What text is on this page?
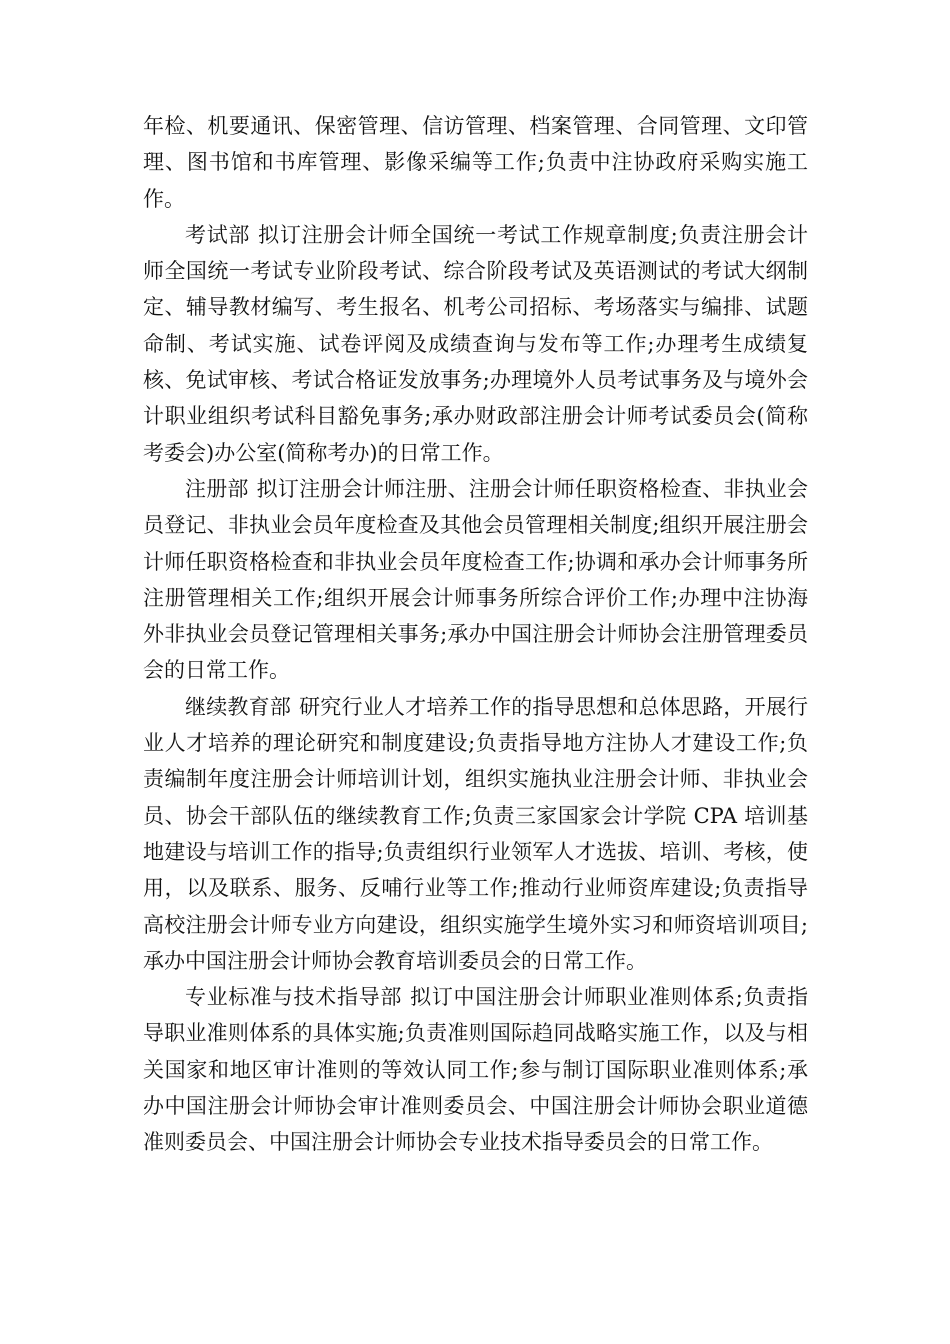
年检、机要通讯、保密管理、信访管理、档案管理、合同管理、文印管理、图书馆和书库管理、影像采编等工作;负责中注协政府采购实施工作。

考试部 拟订注册会计师全国统一考试工作规章制度;负责注册会计师全国统一考试专业阶段考试、综合阶段考试及英语测试的考试大纲制定、辅导教材编写、考生报名、机考公司招标、考场落实与编排、试题命制、考试实施、试卷评阅及成绩查询与发布等工作;办理考生成绩复核、免试审核、考试合格证发放事务;办理境外人员考试事务及与境外会计职业组织考试科目豁免事务;承办财政部注册会计师考试委员会(简称考委会)办公室(简称考办)的日常工作。

注册部 拟订注册会计师注册、注册会计师任职资格检查、非执业会员登记、非执业会员年度检查及其他会员管理相关制度;组织开展注册会计师任职资格检查和非执业会员年度检查工作;协调和承办会计师事务所注册管理相关工作;组织开展会计师事务所综合评价工作;办理中注协海外非执业会员登记管理相关事务;承办中国注册会计师协会注册管理委员会的日常工作。

继续教育部 研究行业人才培养工作的指导思想和总体思路，开展行业人才培养的理论研究和制度建设;负责指导地方注协人才建设工作;负责编制年度注册会计师培训计划，组织实施执业注册会计师、非执业会员、协会干部队伍的继续教育工作;负责三家国家会计学院 CPA 培训基地建设与培训工作的指导;负责组织行业领军人才选拔、培训、考核，使用，以及联系、服务、反哺行业等工作;推动行业师资库建设;负责指导高校注册会计师专业方向建设，组织实施学生境外实习和师资培训项目;承办中国注册会计师协会教育培训委员会的日常工作。

专业标准与技术指导部 拟订中国注册会计师职业准则体系;负责指导职业准则体系的具体实施;负责准则国际趋同战略实施工作，以及与相关国家和地区审计准则的等效认同工作;参与制订国际职业准则体系;承办中国注册会计师协会审计准则委员会、中国注册会计师协会职业道德准则委员会、中国注册会计师协会专业技术指导委员会的日常工作。
